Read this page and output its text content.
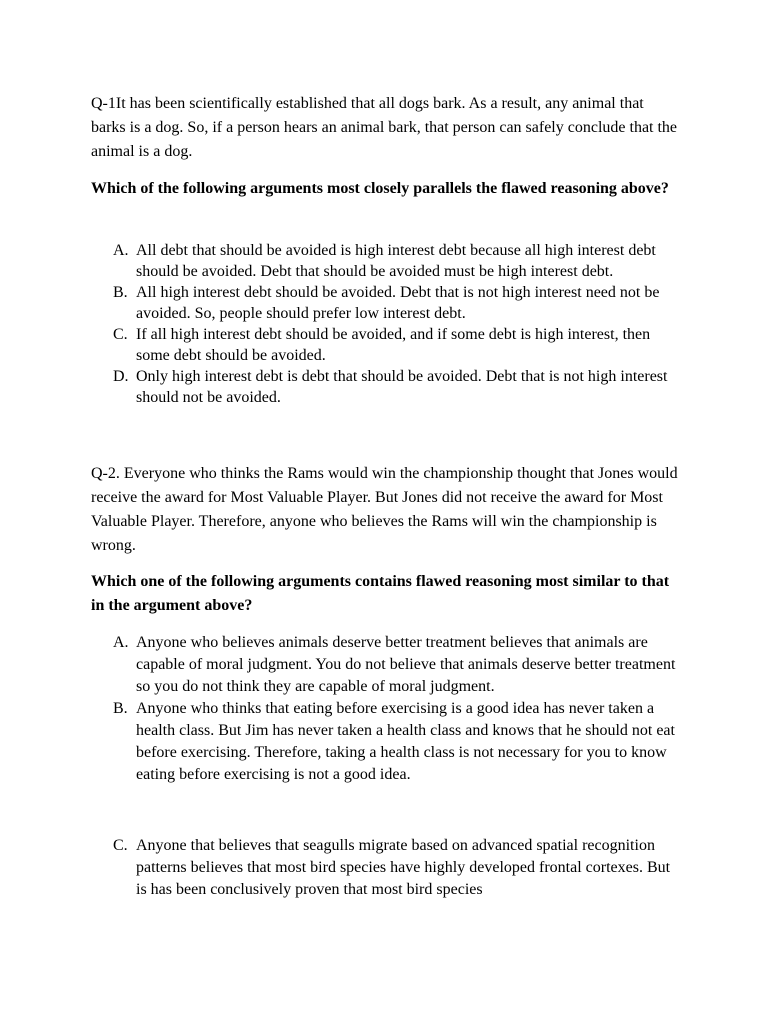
Q-1It has been scientifically established that all dogs bark. As a result, any animal that barks is a dog. So, if a person hears an animal bark, that person can safely conclude that the animal is a dog.

Which of the following arguments most closely parallels the flawed reasoning above?

A. All debt that should be avoided is high interest debt because all high interest debt should be avoided. Debt that should be avoided must be high interest debt.
B. All high interest debt should be avoided. Debt that is not high interest need not be avoided. So, people should prefer low interest debt.
C. If all high interest debt should be avoided, and if some debt is high interest, then some debt should be avoided.
D. Only high interest debt is debt that should be avoided. Debt that is not high interest should not be avoided.

Q-2. Everyone who thinks the Rams would win the championship thought that Jones would receive the award for Most Valuable Player. But Jones did not receive the award for Most Valuable Player. Therefore, anyone who believes the Rams will win the championship is wrong.

Which one of the following arguments contains flawed reasoning most similar to that in the argument above?

A. Anyone who believes animals deserve better treatment believes that animals are capable of moral judgment. You do not believe that animals deserve better treatment so you do not think they are capable of moral judgment.
B. Anyone who thinks that eating before exercising is a good idea has never taken a health class. But Jim has never taken a health class and knows that he should not eat before exercising. Therefore, taking a health class is not necessary for you to know eating before exercising is not a good idea.
C. Anyone that believes that seagulls migrate based on advanced spatial recognition patterns believes that most bird species have highly developed frontal cortexes. But is has been conclusively proven that most bird species
